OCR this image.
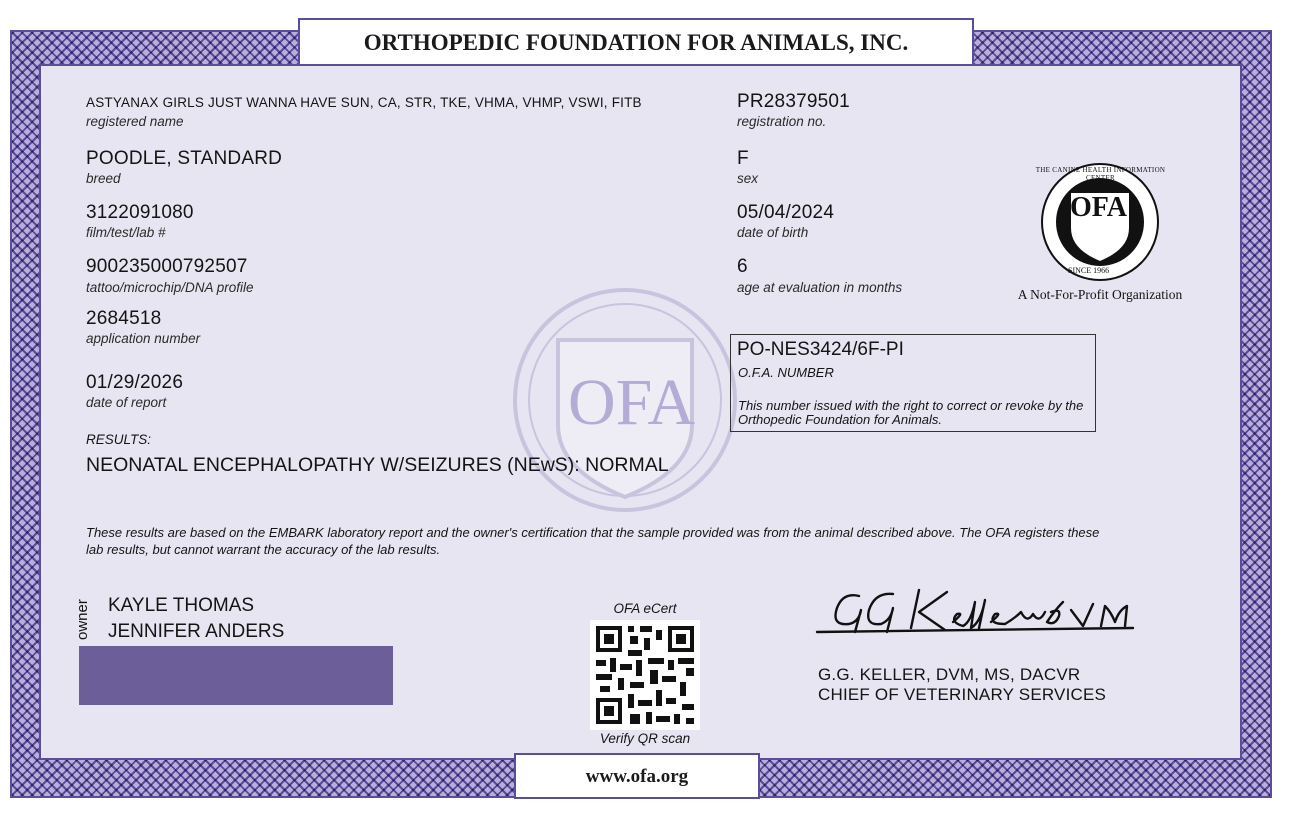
OFA
ORTHOPEDIC FOUNDATION FOR ANIMALS, INC.
ASTYANAX GIRLS JUST WANNA HAVE SUN, CA, STR, TKE, VHMA, VHMP, VSWI, FITB
registered name
POODLE, STANDARD
breed
3122091080
film/test/lab #
900235000792507
tattoo/microchip/DNA profile
2684518
application number
01/29/2026
date of report
PR28379501
registration no.
F
sex
05/04/2024
date of birth
6
age at evaluation in months
PO-NES3424/6F-PI
O.F.A. NUMBER
This number issued with the right to correct or revoke by the Orthopedic Foundation for Animals.
THE CANINE HEALTH INFORMATION CENTER
OFA
SINCE 1966
A Not-For-Profit Organization
RESULTS:
NEONATAL ENCEPHALOPATHY W/SEIZURES (NEwS): NORMAL
These results are based on the EMBARK laboratory report and the owner's certification that the sample provided was from the animal described above. The OFA registers these lab results, but cannot warrant the accuracy of the lab results.
owner KAYLE THOMAS
JENNIFER ANDERS
OFA eCert
Verify QR scan
G.G. KELLER, DVM, MS, DACVR
CHIEF OF VETERINARY SERVICES
www.ofa.org
